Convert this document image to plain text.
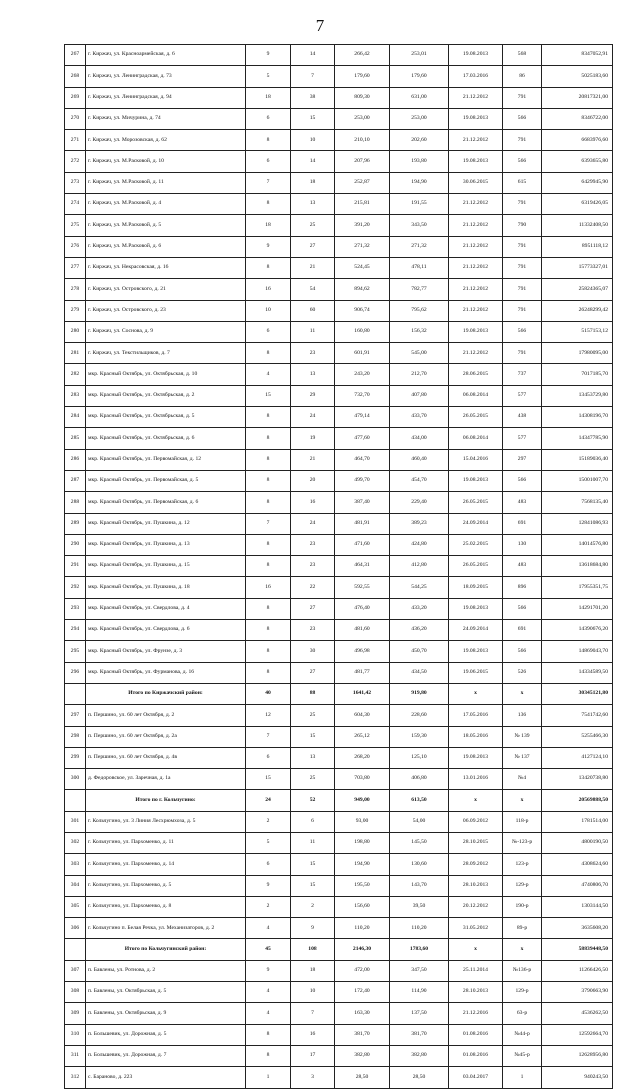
7
267	г. Киржач, ул. Красноармейская, д. 6	9	14	266,42	253,01	19.08.2013	568	8347052,91
268	г. Киржач, ул. Ленинградская, д. 73	5	7	179,60	179,60	17.03.2016	86	5025183,60
269	г. Киржач, ул. Ленинградская, д. 94	18	38	809,30	631,00	21.12.2012	791	20817321,00
270	г. Киржач, ул. Мичурина, д. 74	6	15	253,00	253,00	19.08.2013	566	8346722,00
271	г. Киржач, ул. Морозовская, д. 62	8	10	210,10	202,60	21.12.2012	791	6683976,60
272	г. Киржач, ул. М.Расковой, д. 10	6	14	207,96	193,80	19.08.2013	566	6393655,80
273	г. Киржач, ул. М.Расковой, д. 11	7	18	252,87	194,90	30.06.2015	615	6429945,90
274	г. Киржач, ул. М.Расковой, д. 4	8	13	215,81	191,55	21.12.2012	791	6319426,05
275	г. Киржач, ул. М.Расковой, д. 5	18	25	391,20	343,50	21.12.2012	790	11332408,50
276	г. Киржач, ул. М.Расковой, д. 6	9	27	271,32	271,32	21.12.2012	791	8951118,12
277	г. Киржач, ул. Некрасовская, д. 16	8	21	524,45	478,11	21.12.2012	791	15773327,01
278	г. Киржач, ул. Островского, д. 21	16	54	894,62	782,77	21.12.2012	791	25824365,07
279	г. Киржач, ул. Островского, д. 23	10	60	906,74	795,62	21.12.2012	791	26248299,42
280	г. Киржач, ул. Соснова, д. 9	6	11	160,80	156,32	19.08.2013	566	5157153,12
281	г. Киржач, ул. Текстильщиков, д. 7	8	23	601,91	545,00	21.12.2012	791	17980095,00
282	мкр. Красный Октябрь, ул. Октябрьская, д. 10	4	13	243,20	212,70	28.06.2015	737	7017185,70
283	мкр. Красный Октябрь, ул. Октябрьская, д. 2	15	29	732,70	407,80	06.08.2014	577	13453729,80
284	мкр. Красный Октябрь, ул. Октябрьская, д. 5	8	24	479,14	433,70	26.05.2015	438	14308196,70
285	мкр. Красный Октябрь, ул. Октябрьская, д. 6	8	19	477,60	434,00	06.08.2014	577	14347785,90
286	мкр. Красный Октябрь, ул. Первомайская, д. 12	8	21	464,70	460,40	15.04.2016	297	15189036,40
287	мкр. Красный Октябрь, ул. Первомайская, д. 5	8	20	499,70	454,70	19.08.2013	566	15001007,70
288	мкр. Красный Октябрь, ул. Первомайская, д. 6	8	16	387,40	229,40	26.05.2015	483	7568135,40
289	мкр. Красный Октябрь, ул. Пушкина, д. 12	7	24	481,91	389,23	24.09.2014	691	12841086,93
290	мкр. Красный Октябрь, ул. Пушкина, д. 13	8	23	471,60	424,80	25.02.2015	130	14014576,80
291	мкр. Красный Октябрь, ул. Пушкина, д. 15	8	23	464,31	412,80	26.05.2015	483	13618684,80
292	мкр. Красный Октябрь, ул. Пушкина, д. 18	16	22	592,55	544,25	18.09.2015	896	17955351,75
293	мкр. Красный Октябрь, ул. Свердлова, д. 4	8	27	476,40	433,20	19.08.2013	566	14291701,20
294	мкр. Красный Октябрь, ул. Свердлова, д. 6	8	23	481,60	436,20	24.09.2014	691	14390676,20
295	мкр. Красный Октябрь, ул. Фрунзе, д. 3	8	30	496,98	450,70	19.08.2013	566	14869043,70
296	мкр. Красный Октябрь, ул. Фурманова, д. 16	8	27	481,77	434,50	19.06.2015	526	14334589,50
	Итого по Киржачский район:	40	88	1641,42	919,80	x	x	30345121,80
297	п. Першино, ул. 60 лет Октября, д. 2	12	25	604,30	228,60	17.05.2016	136	7541742,60
298	п. Першино, ул. 60 лет Октября, д. 2а	7	15	265,12	159,30	18.05.2016	№ 139	5255466,30
299	п. Першино, ул. 60 лет Октября, д. 4в	6	13	268,20	125,10	19.08.2013	№ 137	4127124,10
300	д. Федоровское, ул. Заречная, д. 1а	15	25	703,80	406,80	13.01.2016	№4	13420738,80
	Итого по г. Кольчугино:	24	52	949,00	613,50	x	x	20569888,50
301	г. Кольчугино, ул. 3 Линия Лесхрюмхоза, д. 5	2	6	93,00	54,00	06.09.2012	118-р	1781514,00
302	г. Кольчугино, ул. Пархоменко, д. 11	5	11	198,80	145,50	28.10.2015	№-123-р	4800190,50
303	г. Кольчугино, ул. Пархоменко, д. 14	6	15	194,90	130,60	28.09.2012	123-р	4308624,60
304	г. Кольчугино, ул. Пархоменко, д. 5	9	15	195,50	143,70	28.10.2013	129-р	4740806,70
305	г. Кольчугино, ул. Пархоменко, д. 8	2	2	156,60	39,50	20.12.2012	190-р	1303144,50
306	г. Кольчугино п. Белая Речка, ул. Механизаторов, д. 2	4	9	110,20	110,20	31.05.2012	89-р	3635608,20
	Итого по Кольчугинский район:	45	108	2146,30	1783,60	x	x	58839448,50
307	п. Бавлены, ул. Ротнова, д. 2	9	18	472,00	347,50	25.11.2014	№136-р	11266426,50
308	п. Бавлены, ул. Октябрьская, д. 5	4	10	172,40	114,90	28.10.2013	129-р	3790663,90
309	п. Бавлены, ул. Октябрьская, д. 9	4	7	163,30	137,50	21.12.2016	63-р	4536262,50
310	п. Большевик, ул. Дорожная, д. 5	8	16	381,70	381,70	01.08.2016	№44-р	12592664,70
311	п. Большевик, ул. Дорожная, д. 7	8	17	382,80	382,80	01.08.2016	№45-р	12628956,80
312	с. Бараново, д. 223	1	3	28,50	28,50	03.04.2017	1	940243,50
